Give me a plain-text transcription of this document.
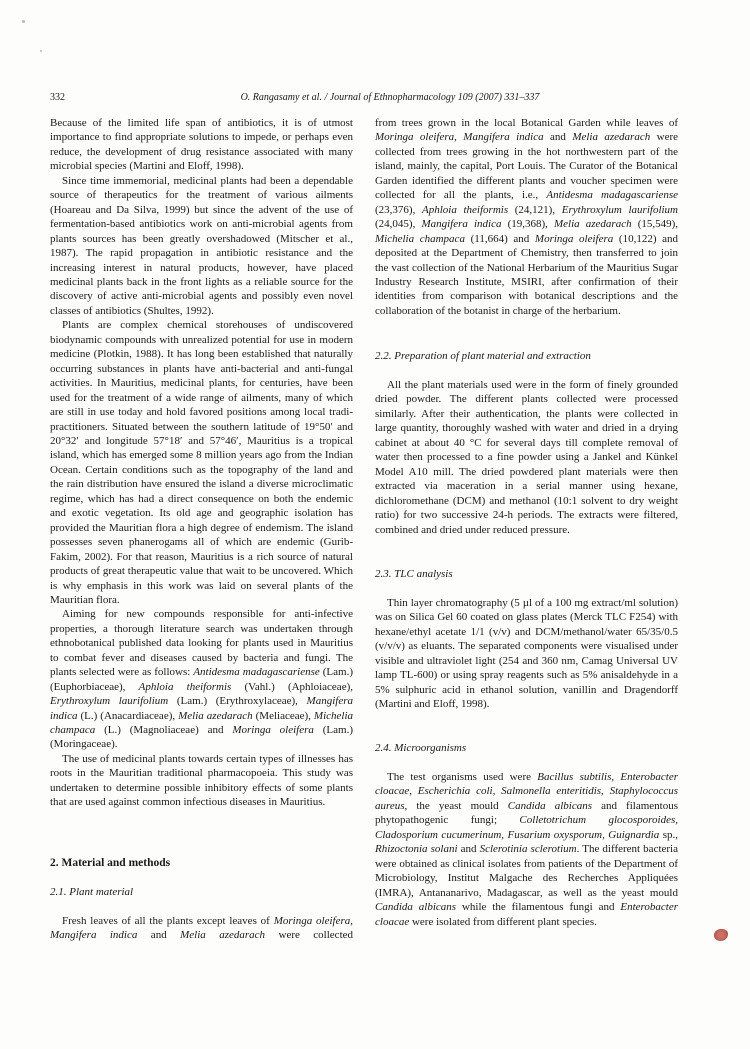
332	O. Rangasamy et al. / Journal of Ethnopharmacology 109 (2007) 331–337

Because of the limited life span of antibiotics, it is of utmost importance to find appropriate solutions to impede, or perhaps even reduce, the development of drug resistance associated with many microbial species (Martini and Eloff, 1998).

Since time immemorial, medicinal plants had been a dependable source of therapeutics for the treatment of various ailments (Hoareau and Da Silva, 1999) but since the advent of the use of fermentation-based antibiotics work on anti-microbial agents from plants sources has been greatly overshadowed (Mitscher et al., 1987). The rapid propagation in antibiotic resistance and the increasing interest in natural products, however, have placed medicinal plants back in the front lights as a reliable source for the discovery of active anti-microbial agents and possibly even novel classes of antibiotics (Shultes, 1992).

Plants are complex chemical storehouses of undiscovered biodynamic compounds with unrealized potential for use in modern medicine (Plotkin, 1988). It has long been established that naturally occurring substances in plants have anti-bacterial and anti-fungal activities. In Mauritius, medicinal plants, for centuries, have been used for the treatment of a wide range of ailments, many of which are still in use today and hold favored positions among local tradi-practitioners. Situated between the southern latitude of 19°50′ and 20°32′ and longitude 57°18′ and 57°46′, Mauritius is a tropical island, which has emerged some 8 million years ago from the Indian Ocean. Certain conditions such as the topography of the land and the rain distribution have ensured the island a diverse microclimatic regime, which has had a direct consequence on both the endemic and exotic vegetation. Its old age and geographic isolation has provided the Mauritian flora a high degree of endemism. The island possesses seven phanerogams all of which are endemic (Gurib-Fakim, 2002). For that reason, Mauritius is a rich source of natural products of great therapeutic value that wait to be uncovered. Which is why emphasis in this work was laid on several plants of the Mauritian flora.

Aiming for new compounds responsible for anti-infective properties, a thorough literature search was undertaken through ethnobotanical published data looking for plants used in Mauritius to combat fever and diseases caused by bacteria and fungi. The plants selected were as follows: Antidesma madagascariense (Lam.) (Euphorbiaceae), Aphloia theiformis (Vahl.) (Aphloiaceae), Erythroxylum laurifolium (Lam.) (Erythroxylaceae), Mangifera indica (L.) (Anacardiaceae), Melia azedarach (Meliaceae), Michelia champaca (L.) (Magnoliaceae) and Moringa oleifera (Lam.) (Moringaceae).

The use of medicinal plants towards certain types of illnesses has roots in the Mauritian traditional pharmacopoeia. This study was undertaken to determine possible inhibitory effects of some plants that are used against common infectious diseases in Mauritius.

2. Material and methods

2.1. Plant material

Fresh leaves of all the plants except leaves of Moringa oleifera, Mangifera indica and Melia azedarach were collected

from trees grown in the local Botanical Garden while leaves of Moringa oleifera, Mangifera indica and Melia azedarach were collected from trees growing in the hot northwestern part of the island, mainly, the capital, Port Louis. The Curator of the Botanical Garden identified the different plants and voucher specimen were collected for all the plants, i.e., Antidesma madagascariense (23,376), Aphloia theiformis (24,121), Erythroxylum laurifolium (24,045), Mangifera indica (19,368), Melia azedarach (15,549), Michelia champaca (11,664) and Moringa oleifera (10,122) and deposited at the Department of Chemistry, then transferred to join the vast collection of the National Herbarium of the Mauritius Sugar Industry Research Institute, MSIRI, after confirmation of their identities from comparison with botanical descriptions and the collaboration of the botanist in charge of the herbarium.

2.2. Preparation of plant material and extraction

All the plant materials used were in the form of finely grounded dried powder. The different plants collected were processed similarly. After their authentication, the plants were collected in large quantity, thoroughly washed with water and dried in a drying cabinet at about 40 °C for several days till complete removal of water then processed to a fine powder using a Jankel and Künkel Model A10 mill. The dried powdered plant materials were then extracted via maceration in a serial manner using hexane, dichloromethane (DCM) and methanol (10:1 solvent to dry weight ratio) for two successive 24-h periods. The extracts were filtered, combined and dried under reduced pressure.

2.3. TLC analysis

Thin layer chromatography (5 µl of a 100 mg extract/ml solution) was on Silica Gel 60 coated on glass plates (Merck TLC F254) with hexane/ethyl acetate 1/1 (v/v) and DCM/methanol/water 65/35/0.5 (v/v/v) as eluants. The separated components were visualised under visible and ultraviolet light (254 and 360 nm, Camag Universal UV lamp TL-600) or using spray reagents such as 5% anisaldehyde in a 5% sulphuric acid in ethanol solution, vanillin and Dragendorff (Martini and Eloff, 1998).

2.4. Microorganisms

The test organisms used were Bacillus subtilis, Enterobacter cloacae, Escherichia coli, Salmonella enteritidis, Staphylococcus aureus, the yeast mould Candida albicans and filamentous phytopathogenic fungi; Colletotrichum glocosporoides, Cladosporium cucumerinum, Fusarium oxysporum, Guignardia sp., Rhizoctonia solani and Sclerotinia sclerotium. The different bacteria were obtained as clinical isolates from patients of the Department of Microbiology, Institut Malgache des Recherches Appliquées (IMRA), Antananarivo, Madagascar, as well as the yeast mould Candida albicans while the filamentous fungi and Enterobacter cloacae were isolated from different plant species.
